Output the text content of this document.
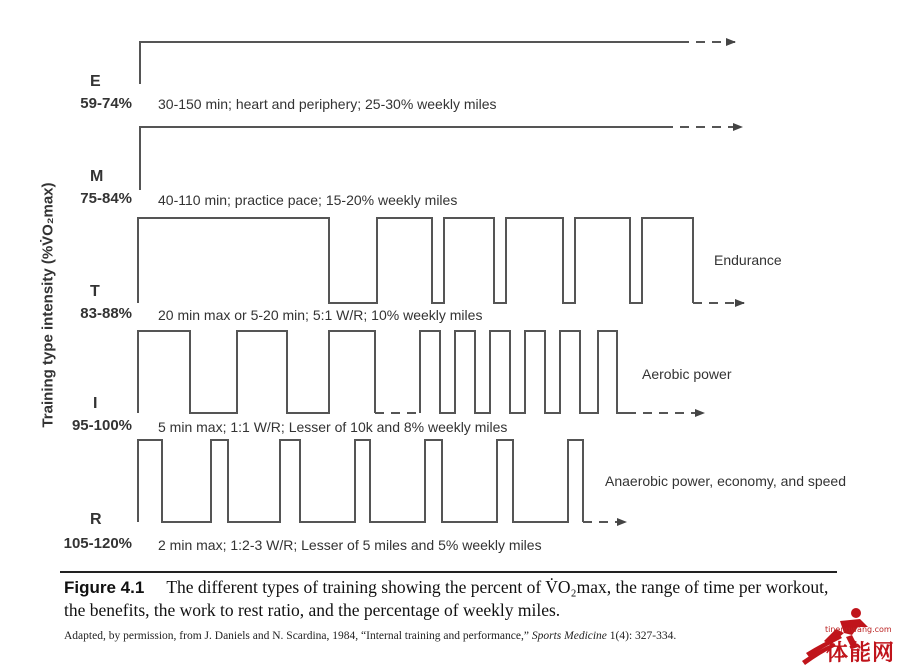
Training type intensity (%V̇O₂max)
E
59-74%
M
75-84%
T
83-88%
I
95-100%
R
105-120%
30-150 min; heart and periphery; 25-30% weekly miles
40-110 min; practice pace; 15-20% weekly miles
20 min max or 5-20 min; 5:1 W/R; 10% weekly miles
5 min max; 1:1 W/R; Lesser of 10k and 8% weekly miles
2 min max; 1:2-3 W/R; Lesser of 5 miles and 5% weekly miles
Endurance
Aerobic power
Anaerobic power, economy, and speed
Figure 4.1 The different types of training showing the percent of V̇O₂max, the range of time per workout, the benefits, the work to rest ratio, and the percentage of weekly miles.
Adapted, by permission, from J. Daniels and N. Scardina, 1984, “Internal training and performance,” Sports Medicine 1(4): 327-334.
tinengwang.com
体能网
